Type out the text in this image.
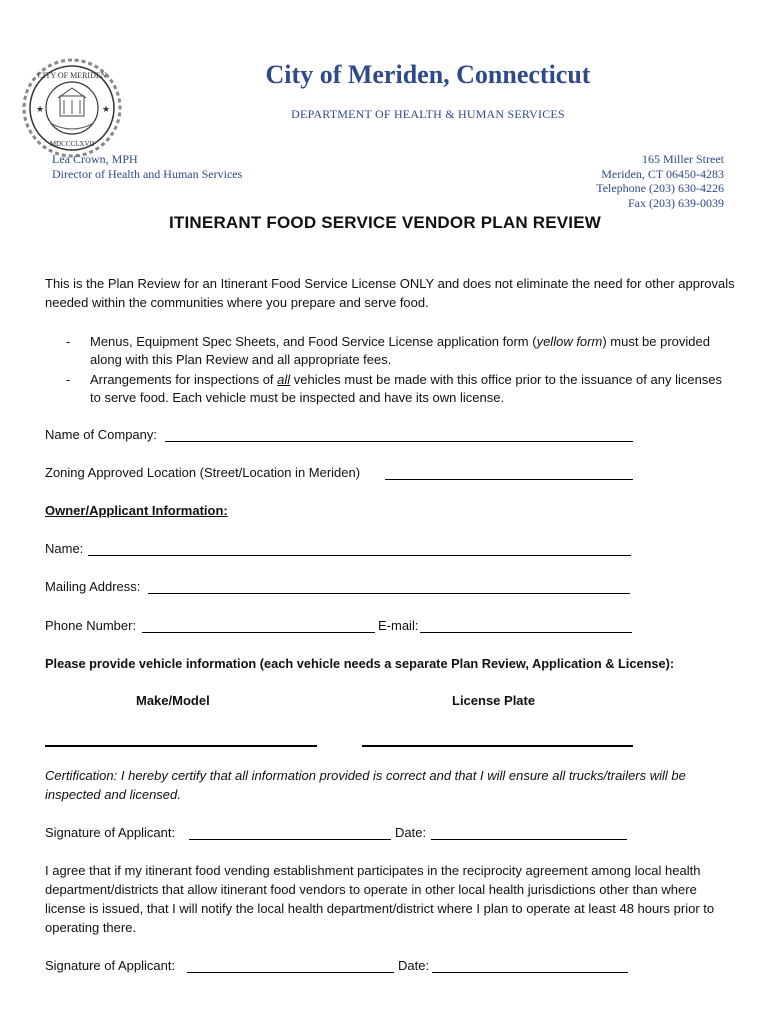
CITY OF MERIDEN
MDCCCLXVII
★	★
City of Meriden, Connecticut
DEPARTMENT OF HEALTH & HUMAN SERVICES
Lea Crown, MPH
Director of Health and Human Services
165 Miller Street
Meriden, CT 06450-4283
Telephone (203) 630-4226
Fax (203) 639-0039
ITINERANT FOOD SERVICE VENDOR PLAN REVIEW
This is the Plan Review for an Itinerant Food Service License ONLY and does not eliminate the need for other approvals needed within the communities where you prepare and serve food.
- Menus, Equipment Spec Sheets, and Food Service License application form (yellow form) must be provided along with this Plan Review and all appropriate fees.
- Arrangements for inspections of all vehicles must be made with this office prior to the issuance of any licenses to serve food. Each vehicle must be inspected and have its own license.
Name of Company:
Zoning Approved Location (Street/Location in Meriden)
Owner/Applicant Information:
Name:
Mailing Address:
Phone Number:	E-mail:
Please provide vehicle information (each vehicle needs a separate Plan Review, Application & License):
Make/Model	License Plate
Certification: I hereby certify that all information provided is correct and that I will ensure all trucks/trailers will be inspected and licensed.
Signature of Applicant:	Date:
I agree that if my itinerant food vending establishment participates in the reciprocity agreement among local health department/districts that allow itinerant food vendors to operate in other local health jurisdictions other than where license is issued, that I will notify the local health department/district where I plan to operate at least 48 hours prior to operating there.
Signature of Applicant:	Date:
